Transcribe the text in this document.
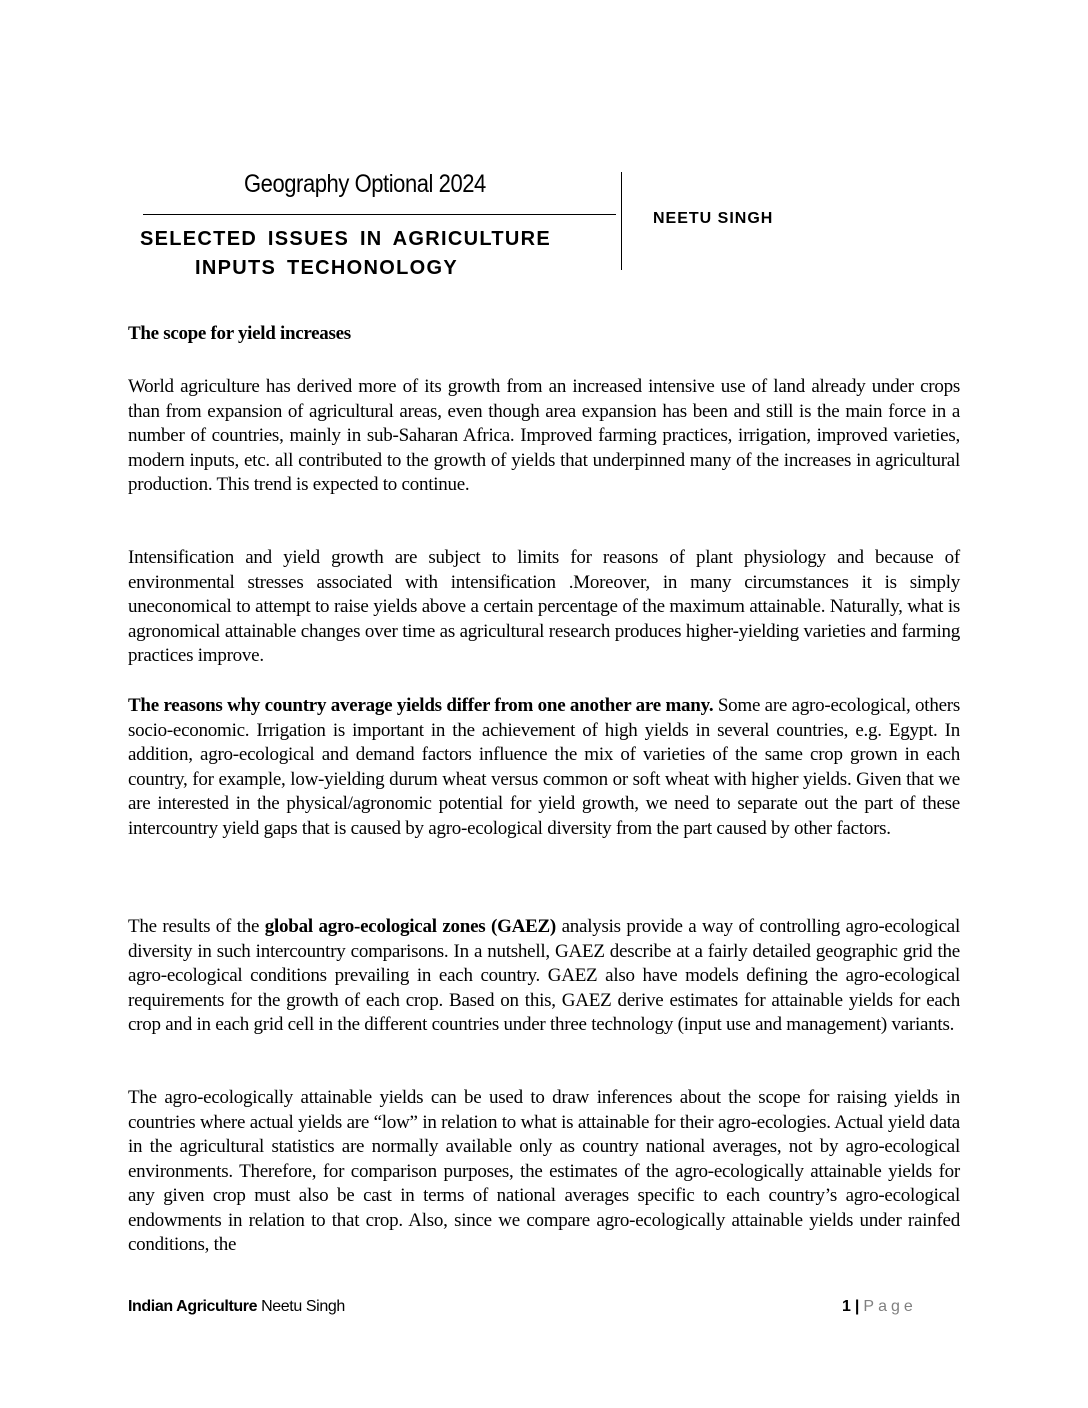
Geography Optional 2024
SELECTED ISSUES IN AGRICULTURE
INPUTS TECHONOLOGY
NEETU SINGH
The scope for yield increases
World agriculture has derived more of its growth from an increased intensive use of land already under crops than from expansion of agricultural areas, even though area expansion has been and still is the main force in a number of countries, mainly in sub-Saharan Africa. Improved farming practices, irrigation, improved varieties, modern inputs, etc. all contributed to the growth of yields that underpinned many of the increases in agricultural production. This trend is expected to continue.
Intensification and yield growth are subject to limits for reasons of plant physiology and because of environmental stresses associated with intensification .Moreover, in many circumstances it is simply uneconomical to attempt to raise yields above a certain percentage of the maximum attainable. Naturally, what is agronomical attainable changes over time as agricultural research produces higher-yielding varieties and farming practices improve.
The reasons why country average yields differ from one another are many. Some are agro-ecological, others socio-economic. Irrigation is important in the achievement of high yields in several countries, e.g. Egypt. In addition, agro-ecological and demand factors influence the mix of varieties of the same crop grown in each country, for example, low-yielding durum wheat versus common or soft wheat with higher yields. Given that we are interested in the physical/agronomic potential for yield growth, we need to separate out the part of these intercountry yield gaps that is caused by agro-ecological diversity from the part caused by other factors.
The results of the global agro-ecological zones (GAEZ) analysis provide a way of controlling agro-ecological diversity in such intercountry comparisons. In a nutshell, GAEZ describe at a fairly detailed geographic grid the agro-ecological conditions prevailing in each country. GAEZ also have models defining the agro-ecological requirements for the growth of each crop. Based on this, GAEZ derive estimates for attainable yields for each crop and in each grid cell in the different countries under three technology (input use and management) variants.
The agro-ecologically attainable yields can be used to draw inferences about the scope for raising yields in countries where actual yields are “low” in relation to what is attainable for their agro-ecologies. Actual yield data in the agricultural statistics are normally available only as country national averages, not by agro-ecological environments. Therefore, for comparison purposes, the estimates of the agro-ecologically attainable yields for any given crop must also be cast in terms of national averages specific to each country’s agro-ecological endowments in relation to that crop. Also, since we compare agro-ecologically attainable yields under rainfed conditions, the
Indian Agriculture Neetu Singh	1 | Page
